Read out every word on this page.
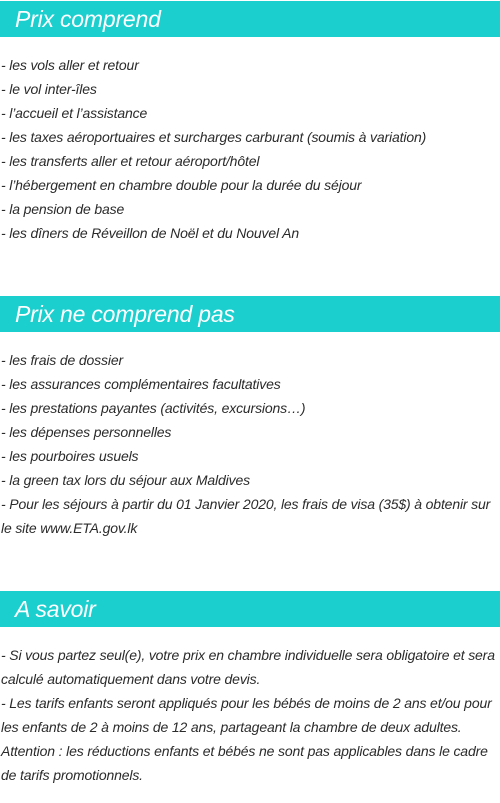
Prix comprend
- les vols aller et retour
- le vol inter-îles
- l’accueil et l’assistance
- les taxes aéroportuaires et surcharges carburant (soumis à variation)
- les transferts aller et retour aéroport/hôtel
- l’hébergement en chambre double pour la durée du séjour
- la pension de base
- les dîners de Réveillon de Noël et du Nouvel An
Prix ne comprend pas
- les frais de dossier
- les assurances complémentaires facultatives
- les prestations payantes (activités, excursions…)
- les dépenses personnelles
- les pourboires usuels
- la green tax lors du séjour aux Maldives
- Pour les séjours à partir du 01 Janvier 2020, les frais de visa (35$) à obtenir sur le site www.ETA.gov.lk
A savoir
- Si vous partez seul(e), votre prix en chambre individuelle sera obligatoire et sera calculé automatiquement dans votre devis.
- Les tarifs enfants seront appliqués pour les bébés de moins de 2 ans et/ou pour les enfants de 2 à moins de 12 ans, partageant la chambre de deux adultes.
Attention : les réductions enfants et bébés ne sont pas applicables dans le cadre de tarifs promotionnels.
